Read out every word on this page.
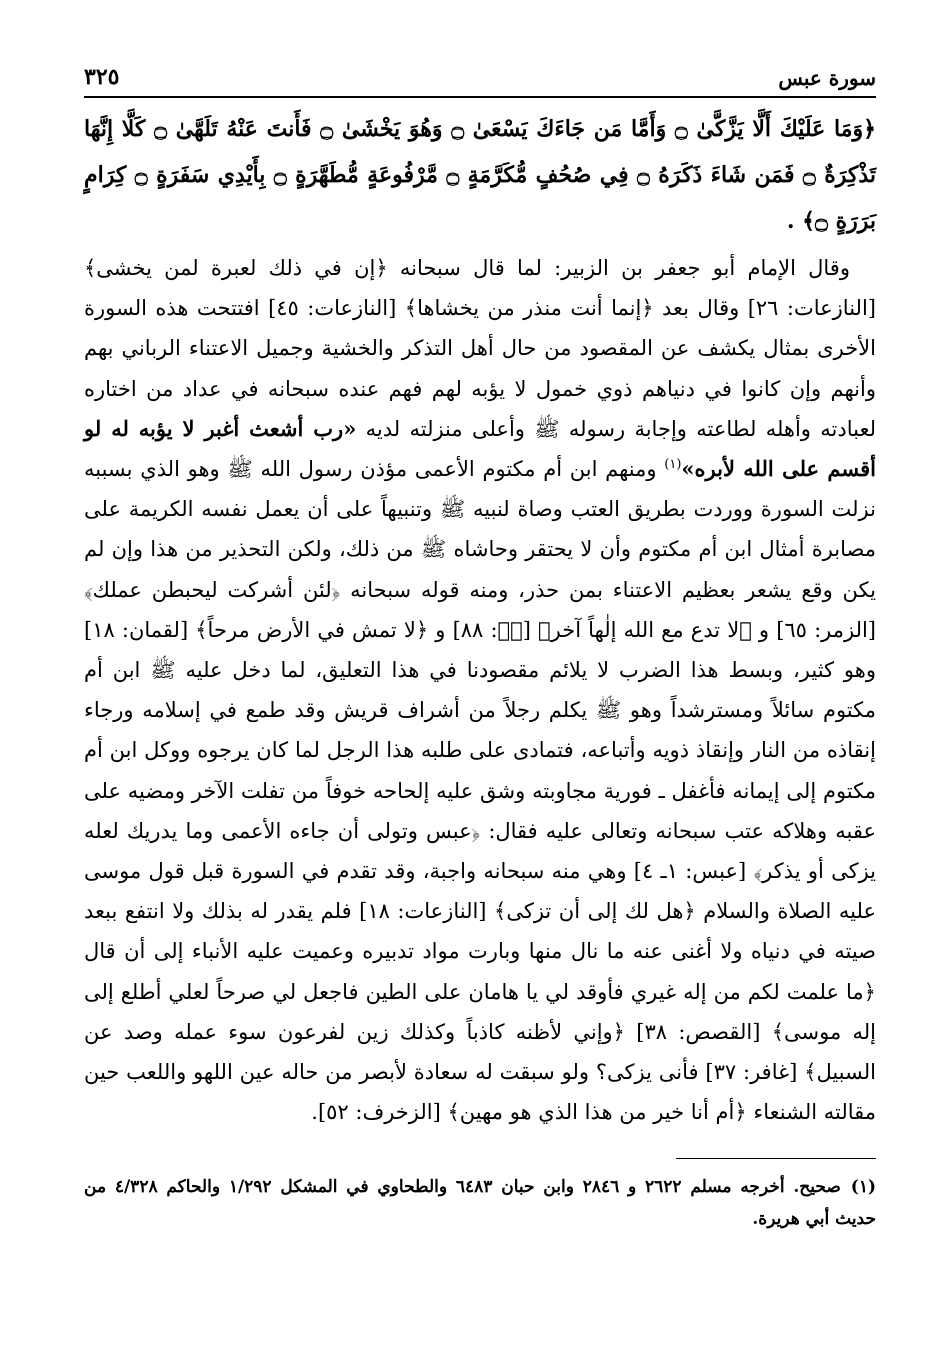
سورة عبس
٣٢٥
﴿وَمَا عَلَيْكَ أَلَّا يَزَّكَّىٰ ۝ وَأَمَّا مَن جَاءَكَ يَسْعَىٰ ۝ وَهُوَ يَخْشَىٰ ۝ فَأَنتَ عَنْهُ تَلَهَّىٰ ۝ كَلَّا إِنَّهَا تَذْكِرَةٌ ۝ فَمَن شَاءَ ذَكَرَهُ ۝ فِي صُحُفٍ مُّكَرَّمَةٍ ۝ مَّرْفُوعَةٍ مُّطَهَّرَةٍ ۝ بِأَيْدِي سَفَرَةٍ ۝ كِرَامٍ بَرَرَةٍ ۝﴾ .

وقال الإمام أبو جعفر بن الزبير: لما قال سبحانه ﴿إن في ذلك لعبرة لمن يخشى﴾ [النازعات: ٢٦] وقال بعد ﴿إنما أنت منذر من يخشاها﴾ [النازعات: ٤٥] افتتحت هذه السورة الأخرى بمثال يكشف عن المقصود من حال أهل التذكر والخشية وجميل الاعتناء الرباني بهم وأنهم وإن كانوا في دنياهم ذوي خمول لا يؤبه لهم فهم عنده سبحانه في عداد من اختاره لعبادته وأهله لطاعته وإجابة رسوله ﷺ وأعلى منزلته لديه «رب أشعث أغبر لا يؤبه له لو أقسم على الله لأبره»$^{(١)}$ ومنهم ابن أم مكتوم الأعمى مؤذن رسول الله ﷺ وهو الذي بسببه نزلت السورة ووردت بطريق العتب وصاة لنبيه ﷺ وتنبيهاً على أن يعمل نفسه الكريمة على مصابرة أمثال ابن أم مكتوم وأن لا يحتقر وحاشاه ﷺ من ذلك، ولكن التحذير من هذا وإن لم يكن وقع يشعر بعظيم الاعتناء بمن حذر، ومنه قوله سبحانه ﴿لئن أشركت ليحبطن عملك﴾ [الزمر: ٦٥] و ﴿لا تدع مع الله إلٰهاً آخر﴾ [صۤ: ٨٨] و ﴿لا تمش في الأرض مرحاً﴾ [لقمان: ١٨] وهو كثير، وبسط هذا الضرب لا يلائم مقصودنا في هذا التعليق، لما دخل عليه ﷺ ابن أم مكتوم سائلاً ومسترشداً وهو ﷺ يكلم رجلاً من أشراف قريش وقد طمع في إسلامه ورجاء إنقاذه من النار وإنقاذ ذويه وأتباعه، فتمادى على طلبه هذا الرجل لما كان يرجوه ووكل ابن أم مكتوم إلى إيمانه فأغفل ـ فورية مجاوبته وشق عليه إلحاحه خوفاً من تفلت الآخر ومضيه على عقبه وهلاكه عتب سبحانه وتعالى عليه فقال: ﴿عبس وتولى أن جاءه الأعمى وما يدريك لعله يزكى أو يذكر﴾ [عبس: ١ـ ٤] وهي منه سبحانه واجبة، وقد تقدم في السورة قبل قول موسى عليه الصلاة والسلام ﴿هل لك إلى أن تزكى﴾ [النازعات: ١٨] فلم يقدر له بذلك ولا انتفع ببعد صيته في دنياه ولا أغنى عنه ما نال منها وبارت مواد تدبيره وعميت عليه الأنباء إلى أن قال ﴿ما علمت لكم من إله غيري فأوقد لي يا هامان على الطين فاجعل لي صرحاً لعلي أطلع إلى إله موسى﴾ [القصص: ٣٨] ﴿وإني لأظنه كاذباً وكذلك زين لفرعون سوء عمله وصد عن السبيل﴾ [غافر: ٣٧] فأنى يزكى؟ ولو سبقت له سعادة لأبصر من حاله عين اللهو واللعب حين مقالته الشنعاء ﴿أم أنا خير من هذا الذي هو مهين﴾ [الزخرف: ٥٢].

(١)صحيح. أخرجه مسلم ٢٦٢٢ و ٢٨٤٦ وابن حبان ٦٤٨٣ والطحاوي في المشكل ١/٢٩٢ والحاكم ٤/٣٢٨ من حديث أبي هريرة.
